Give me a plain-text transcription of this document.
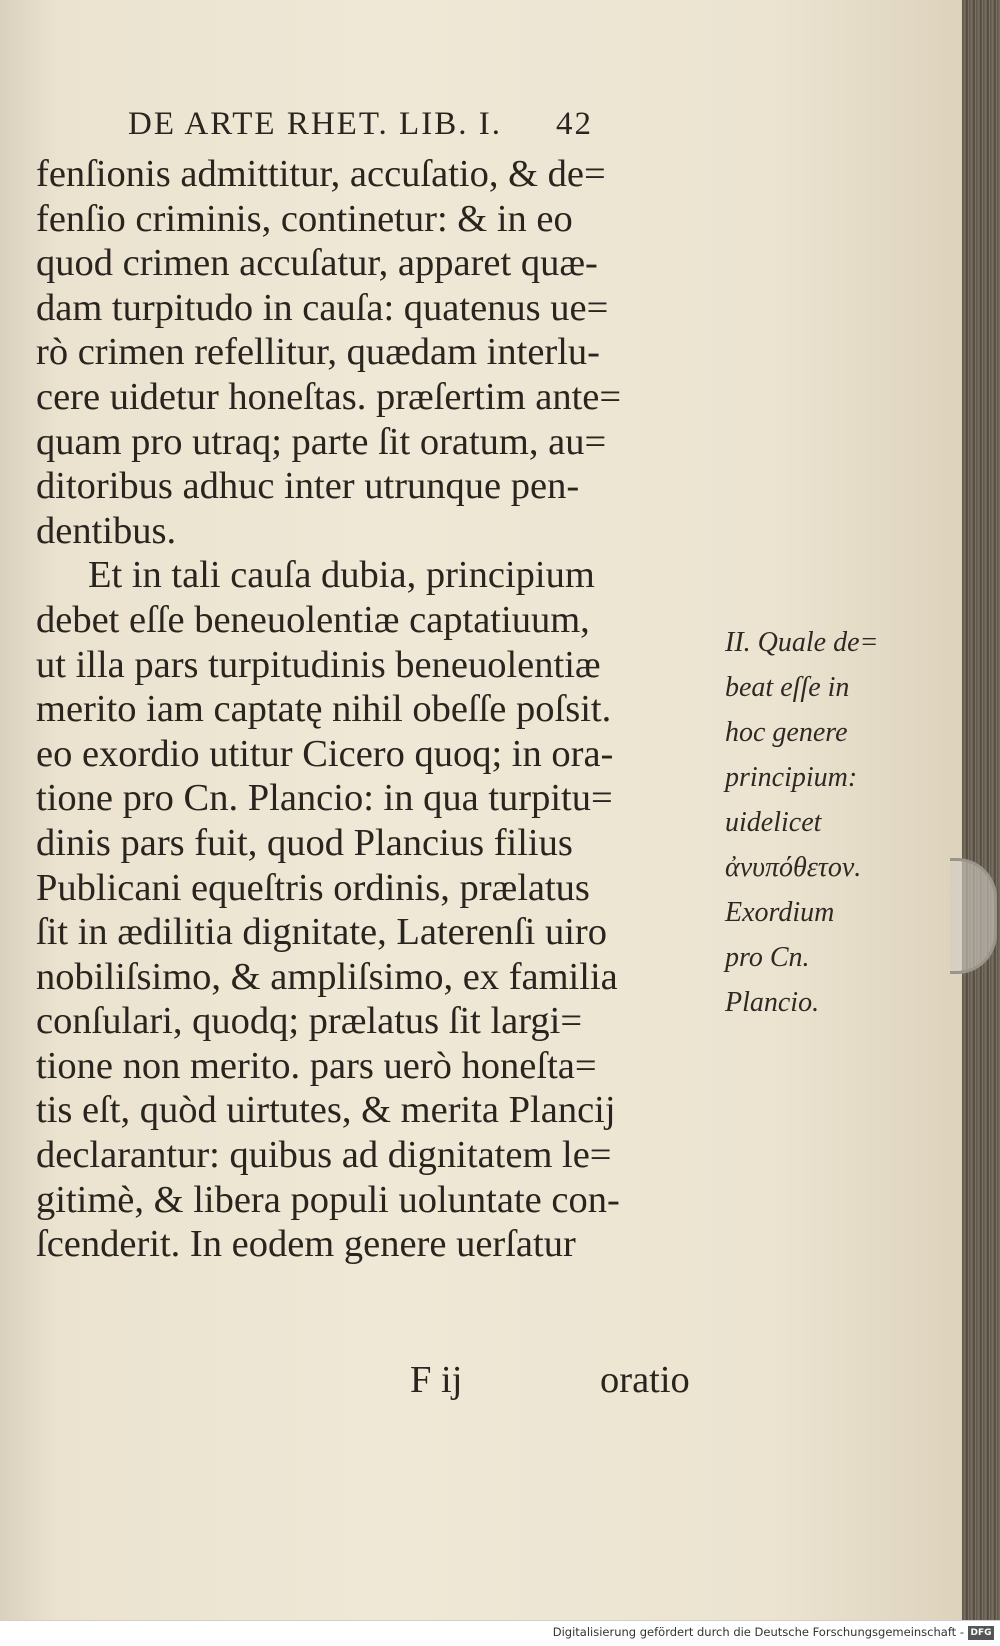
DE ARTE RHET. LIB. I. 42
fenſionis admittitur, accuſatio, & de=
fenſio criminis, continetur: & in eo
quod crimen accuſatur, apparet quæ-
dam turpitudo in cauſa: quatenus ue=
rò crimen refellitur, quædam interlu-
cere uidetur honeſtas. præſertim ante=
quam pro utraq; parte ſit oratum, au=
ditoribus adhuc inter utrunque pen-
dentibus.
Et in tali cauſa dubia, principium
debet eſſe beneuolentiæ captatiuum,
ut illa pars turpitudinis beneuolentiæ
merito iam captatę nihil obeſſe poſsit.
eo exordio utitur Cicero quoq; in ora-
tione pro Cn. Plancio: in qua turpitu=
dinis pars fuit, quod Plancius filius
Publicani equeſtris ordinis, prælatus
ſit in ædilitia dignitate, Laterenſi uiro
nobiliſsimo, & ampliſsimo, ex familia
conſulari, quodq; prælatus ſit largi=
tione non merito. pars uerò honeſta=
tis eſt, quòd uirtutes, & merita Plancij
declarantur: quibus ad dignitatem le=
gitimè, & libera populi uoluntate con-
ſcenderit. In eodem genere uerſatur
F ij	oratio
II. Quale de=
beat eſſe in
hoc genere
principium:
uidelicet
ἀνυπόθετον.
Exordium
pro Cn.
Plancio.
Digitalisierung gefördert durch die Deutsche Forschungsgemeinschaft - DFG
